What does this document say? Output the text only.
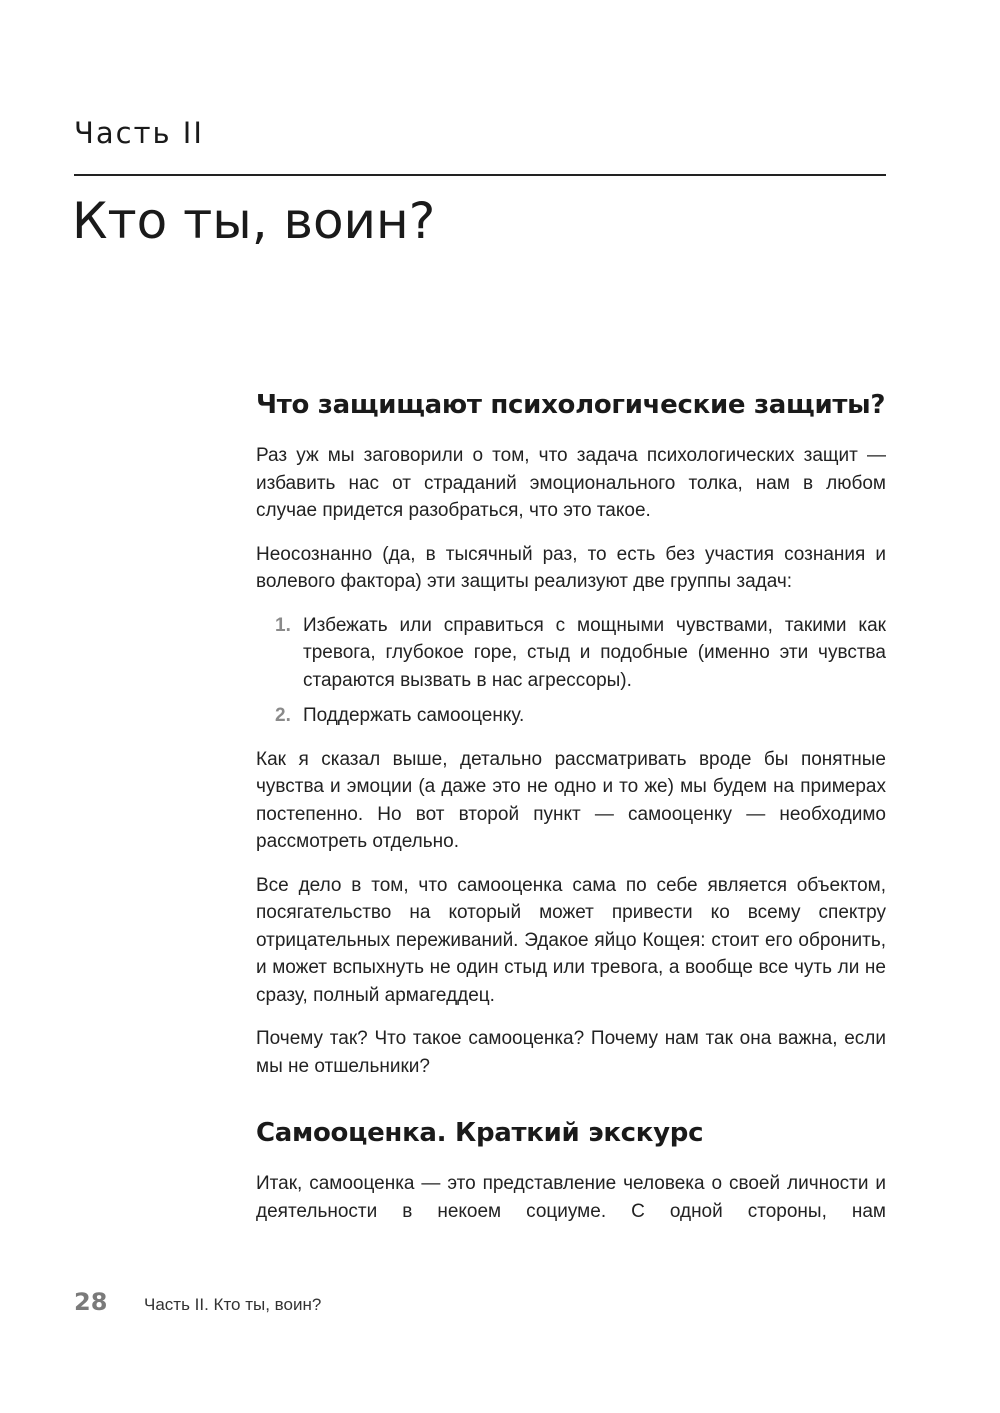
Часть II
Кто ты, воин?
Что защищают психологические защиты?

Раз уж мы заговорили о том, что задача психологических защит — избавить нас от страданий эмоционального толка, нам в любом случае придется разобраться, что это такое.

Неосознанно (да, в тысячный раз, то есть без участия сознания и волевого фактора) эти защиты реализуют две группы задач:

1. Избежать или справиться с мощными чувствами, такими как тревога, глубокое горе, стыд и подобные (именно эти чувства стараются вызвать в нас агрессоры).
2. Поддержать самооценку.

Как я сказал выше, детально рассматривать вроде бы понятные чувства и эмоции (а даже это не одно и то же) мы будем на примерах постепенно. Но вот второй пункт — самооценку — необходимо рассмотреть отдельно.

Все дело в том, что самооценка сама по себе является объектом, посягательство на который может привести ко всему спектру отрицательных переживаний. Эдакое яйцо Кощея: стоит его обронить, и может вспыхнуть не один стыд или тревога, а вообще все чуть ли не сразу, полный армагеддец.

Почему так? Что такое самооценка? Почему нам так она важна, если мы не отшельники?

Самооценка. Краткий экскурс

Итак, самооценка — это представление человека о своей личности и деятельности в некоем социуме. С одной стороны, нам

28	Часть II. Кто ты, воин?
